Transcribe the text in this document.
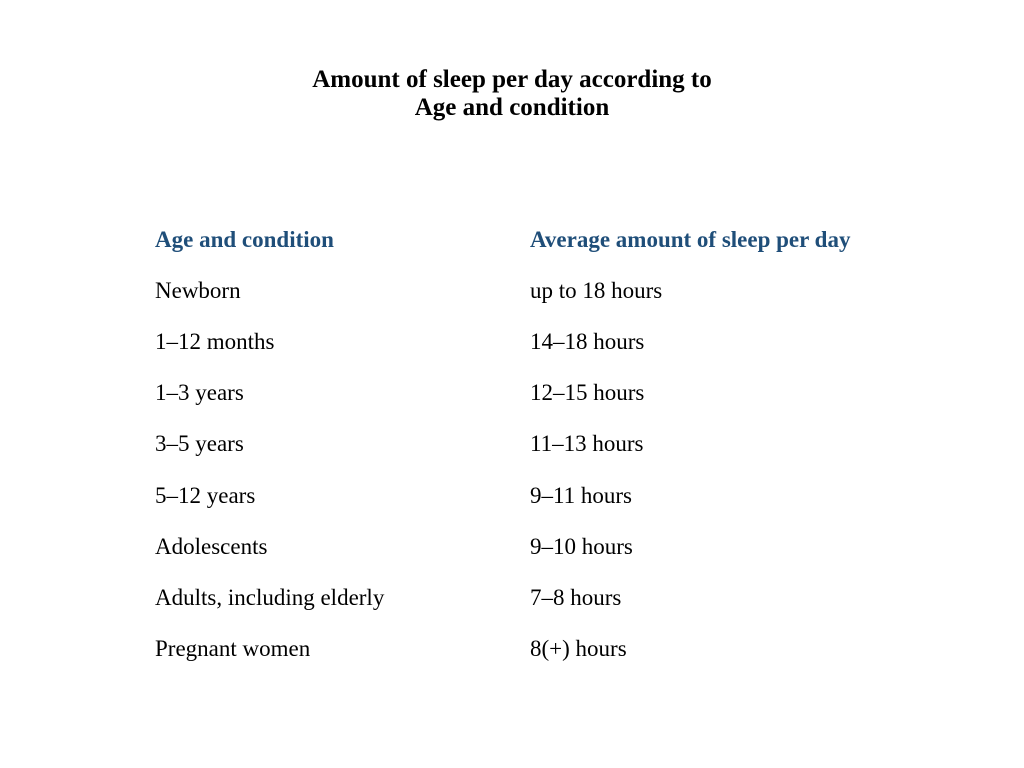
Amount of sleep per day according to
Age and condition
Age and condition	Average amount of sleep per day
Newborn	up to 18 hours
1–12 months	14–18 hours
1–3 years	12–15 hours
3–5 years	11–13 hours
5–12 years	9–11 hours
Adolescents	9–10 hours
Adults, including elderly	7–8 hours
Pregnant women	8(+) hours
